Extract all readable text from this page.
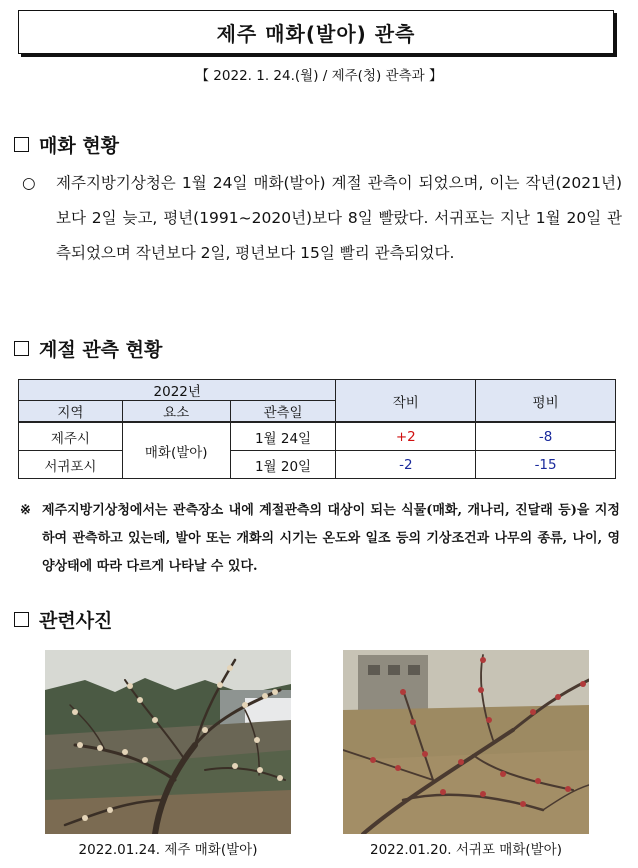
제주 매화(발아) 관측
【 2022. 1. 24.(월) / 제주(청) 관측과 】
매화 현황
○ 제주지방기상청은 1월 24일 매화(발아) 계절 관측이 되었으며, 이는 작년(2021년)보다 2일 늦고, 평년(1991~2020년)보다 8일 빨랐다. 서귀포는 지난 1월 20일 관측되었으며 작년보다 2일, 평년보다 15일 빨리 관측되었다.
계절 관측 현황
2022년			작비	평비
지역	요소	관측일		
제주시	매화(발아)	1월 24일	+2	-8
서귀포시		1월 20일	-2	-15
※ 제주지방기상청에서는 관측장소 내에 계절관측의 대상이 되는 식물(매화, 개나리, 진달래 등)을 지정하여 관측하고 있는데, 발아 또는 개화의 시기는 온도와 일조 등의 기상조건과 나무의 종류, 나이, 영양상태에 따라 다르게 나타날 수 있다.
관련사진
2022.01.24. 제주 매화(발아)	2022.01.20. 서귀포 매화(발아)
